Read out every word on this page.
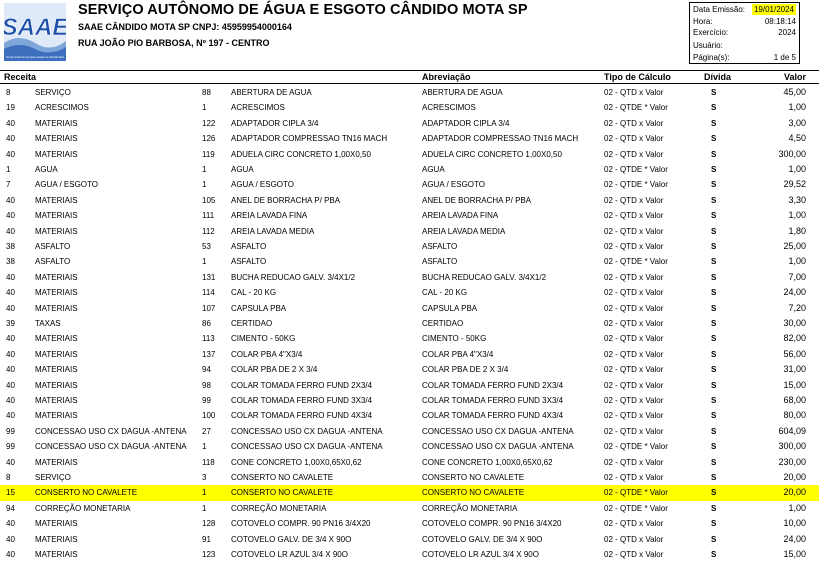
SAAE
Serviço Autônomo de Água e Esgoto de Cândido Mota
SERVIÇO AUTÔNOMO DE ÁGUA E ESGOTO CÂNDIDO MOTA SP
SAAE CÂNDIDO MOTA SP CNPJ: 45959954000164
RUA JOÃO PIO BARBOSA, Nº 197 - CENTRO
Data Emissão: 19/01/2024
Hora:	08:18:14
Exercício:	2024
Usuário:
Página(s):	1 de 5
Receita	Abreviação	Tipo de Cálculo	Dívida	Valor
8	SERVIÇO	88	ABERTURA DE AGUA	ABERTURA DE AGUA	02 - QTD x Valor	S	45,00
19	ACRESCIMOS	1	ACRESCIMOS	ACRESCIMOS	02 - QTDE * Valor	S	1,00
40	MATERIAIS	122 ADAPTADOR CIPLA 3/4	ADAPTADOR CIPLA 3/4	02 - QTD x Valor	S	3,00
40	MATERIAIS	126 ADAPTADOR COMPRESSAO TN16 MACH	ADAPTADOR COMPRESSAO TN16 MACH	02 - QTD x Valor	S	4,50
40	MATERIAIS	119 ADUELA CIRC CONCRETO 1,00X0,50	ADUELA CIRC CONCRETO 1,00X0,50	02 - QTD x Valor	S	300,00
1	AGUA	1	AGUA	AGUA	02 - QTDE * Valor	S	1,00
7	AGUA / ESGOTO	1	AGUA / ESGOTO	AGUA / ESGOTO	02 - QTDE * Valor	S	29,52
40	MATERIAIS	105 ANEL DE BORRACHA P/ PBA	ANEL DE BORRACHA P/ PBA	02 - QTD x Valor	S	3,30
40	MATERIAIS	111 AREIA LAVADA FINA	AREIA LAVADA FINA	02 - QTD x Valor	S	1,00
40	MATERIAIS	112 AREIA LAVADA MEDIA	AREIA LAVADA MEDIA	02 - QTD x Valor	S	1,80
38	ASFALTO	53	ASFALTO	ASFALTO	02 - QTD x Valor	S	25,00
38	ASFALTO	1	ASFALTO	ASFALTO	02 - QTDE * Valor	S	1,00
40	MATERIAIS	131 BUCHA REDUCAO GALV. 3/4X1/2	BUCHA REDUCAO GALV. 3/4X1/2	02 - QTD x Valor	S	7,00
40	MATERIAIS	114 CAL - 20 KG	CAL - 20 KG	02 - QTD x Valor	S	24,00
40	MATERIAIS	107 CAPSULA PBA	CAPSULA PBA	02 - QTD x Valor	S	7,20
39	TAXAS	86	CERTIDAO	CERTIDAO	02 - QTD x Valor	S	30,00
40	MATERIAIS	113 CIMENTO - 50KG	CIMENTO - 50KG	02 - QTD x Valor	S	82,00
40	MATERIAIS	137 COLAR PBA 4"X3/4	COLAR PBA 4"X3/4	02 - QTD x Valor	S	56,00
40	MATERIAIS	94	COLAR PBA DE 2 X 3/4	COLAR PBA DE 2 X 3/4	02 - QTD x Valor	S	31,00
40	MATERIAIS	98	COLAR TOMADA FERRO FUND 2X3/4	COLAR TOMADA FERRO FUND 2X3/4	02 - QTD x Valor	S	15,00
40	MATERIAIS	99	COLAR TOMADA FERRO FUND 3X3/4	COLAR TOMADA FERRO FUND 3X3/4	02 - QTD x Valor	S	68,00
40	MATERIAIS	100 COLAR TOMADA FERRO FUND 4X3/4	COLAR TOMADA FERRO FUND 4X3/4	02 - QTD x Valor	S	80,00
99	CONCESSAO USO CX DAGUA -ANTENA 27	CONCESSAO USO CX DAGUA -ANTENA	CONCESSAO USO CX DAGUA -ANTENA	02 - QTD x Valor	S	604,09
99	CONCESSAO USO CX DAGUA -ANTENA 1	CONCESSAO USO CX DAGUA -ANTENA	CONCESSAO USO CX DAGUA -ANTENA	02 - QTDE * Valor	S	300,00
40	MATERIAIS	118 CONE CONCRETO 1,00X0,65X0,62	CONE CONCRETO 1,00X0,65X0,62	02 - QTD x Valor	S	230,00
8	SERVIÇO	3	CONSERTO NO CAVALETE	CONSERTO NO CAVALETE	02 - QTD x Valor	S	20,00
15	CONSERTO NO CAVALETE	1	CONSERTO NO CAVALETE	CONSERTO NO CAVALETE	02 - QTDE * Valor	S	20,00
94	CORREÇÃO MONETARIA	1	CORREÇÃO MONETARIA	CORREÇÃO MONETARIA	02 - QTDE * Valor	S	1,00
40	MATERIAIS	128 COTOVELO COMPR. 90 PN16 3/4X20	COTOVELO COMPR. 90 PN16 3/4X20	02 - QTD x Valor	S	10,00
40	MATERIAIS	91	COTOVELO GALV. DE 3/4 X 90O	COTOVELO GALV. DE 3/4 X 90O	02 - QTD x Valor	S	24,00
40	MATERIAIS	123 COTOVELO LR AZUL 3/4 X 90O	COTOVELO LR AZUL 3/4 X 90O	02 - QTD x Valor	S	15,00
